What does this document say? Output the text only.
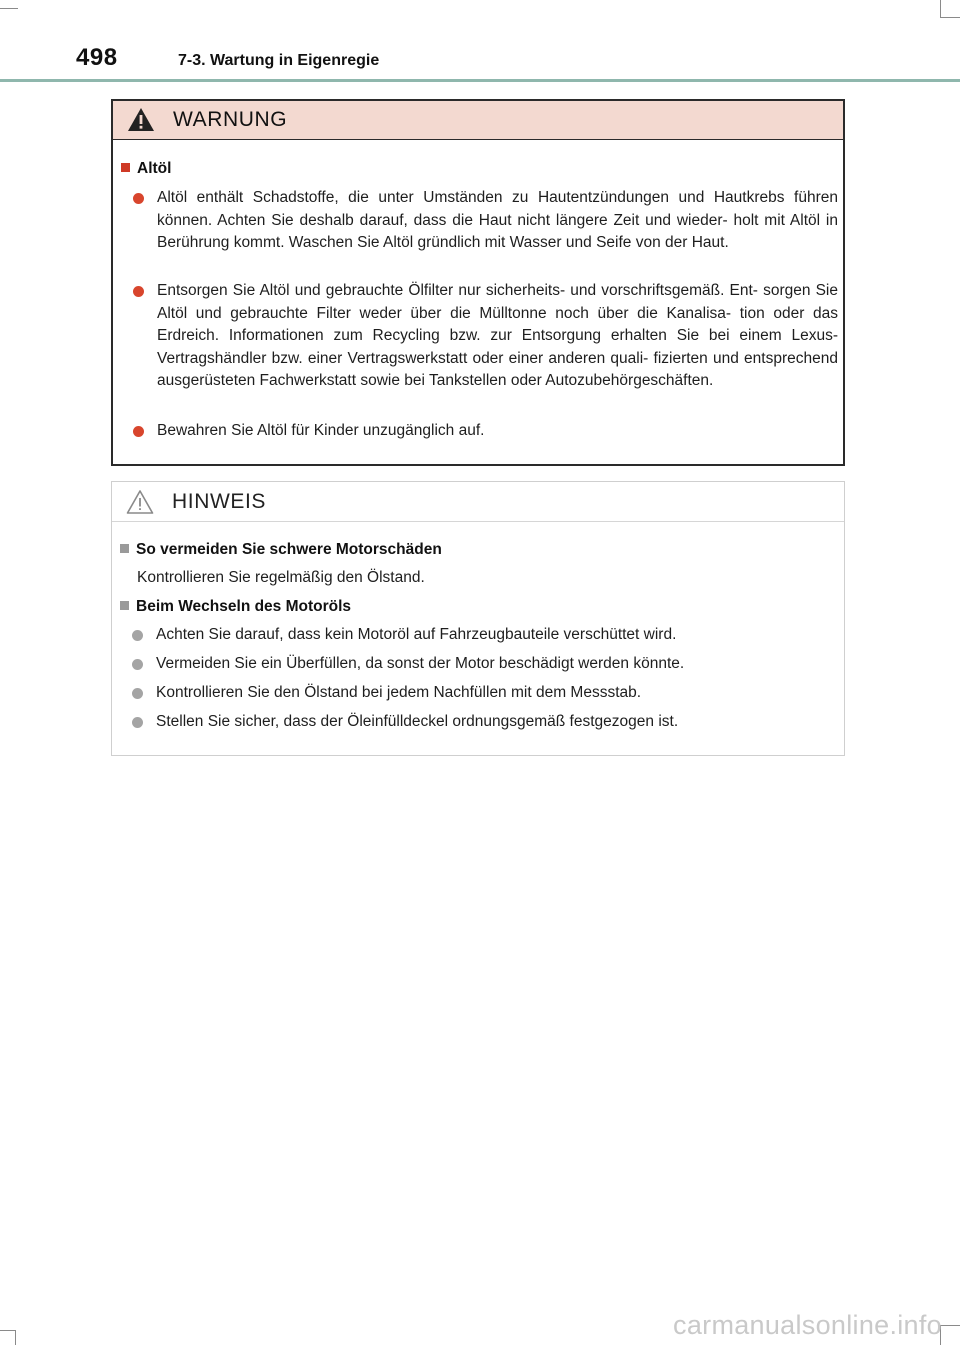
498	7-3. Wartung in Eigenregie
WARNUNG
Altöl
Altöl enthält Schadstoffe, die unter Umständen zu Hautentzündungen und Hautkrebs führen können. Achten Sie deshalb darauf, dass die Haut nicht längere Zeit und wieder- holt mit Altöl in Berührung kommt. Waschen Sie Altöl gründlich mit Wasser und Seife von der Haut.
Entsorgen Sie Altöl und gebrauchte Ölfilter nur sicherheits- und vorschriftsgemäß. Ent- sorgen Sie Altöl und gebrauchte Filter weder über die Mülltonne noch über die Kanalisa- tion oder das Erdreich. Informationen zum Recycling bzw. zur Entsorgung erhalten Sie bei einem Lexus-Vertragshändler bzw. einer Vertragswerkstatt oder einer anderen quali- fizierten und entsprechend ausgerüsteten Fachwerkstatt sowie bei Tankstellen oder Autozubehörgeschäften.
Bewahren Sie Altöl für Kinder unzugänglich auf.
HINWEIS
So vermeiden Sie schwere Motorschäden
Kontrollieren Sie regelmäßig den Ölstand.
Beim Wechseln des Motoröls
Achten Sie darauf, dass kein Motoröl auf Fahrzeugbauteile verschüttet wird.
Vermeiden Sie ein Überfüllen, da sonst der Motor beschädigt werden könnte.
Kontrollieren Sie den Ölstand bei jedem Nachfüllen mit dem Messstab.
Stellen Sie sicher, dass der Öleinfülldeckel ordnungsgemäß festgezogen ist.
carmanualsonline.info
